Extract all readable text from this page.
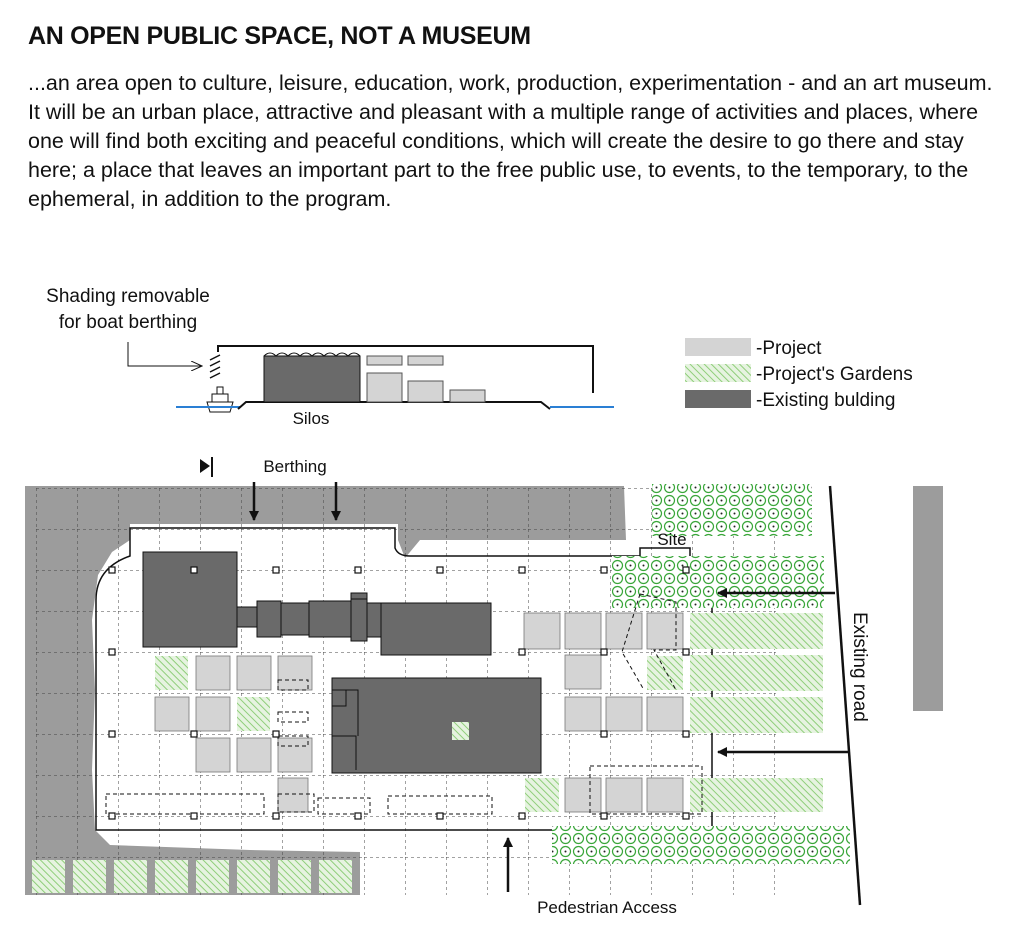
AN OPEN PUBLIC SPACE, NOT A MUSEUM

...an area open to culture, leisure, education, work, production, experimentation - and an art museum.

It will be an urban place, attractive and pleasant with a multiple range of activities and places, where one will find both exciting and peaceful conditions, which will create the desire to go there and stay here; a place that leaves an important part to the free public use, to events, to the temporary, to the ephemeral, in addition to the program.

Shading removable
for boat berthing
Silos
-Project
-Project's Gardens
-Existing bulding
Existing road
Berthing
Site
Pedestrian Access
